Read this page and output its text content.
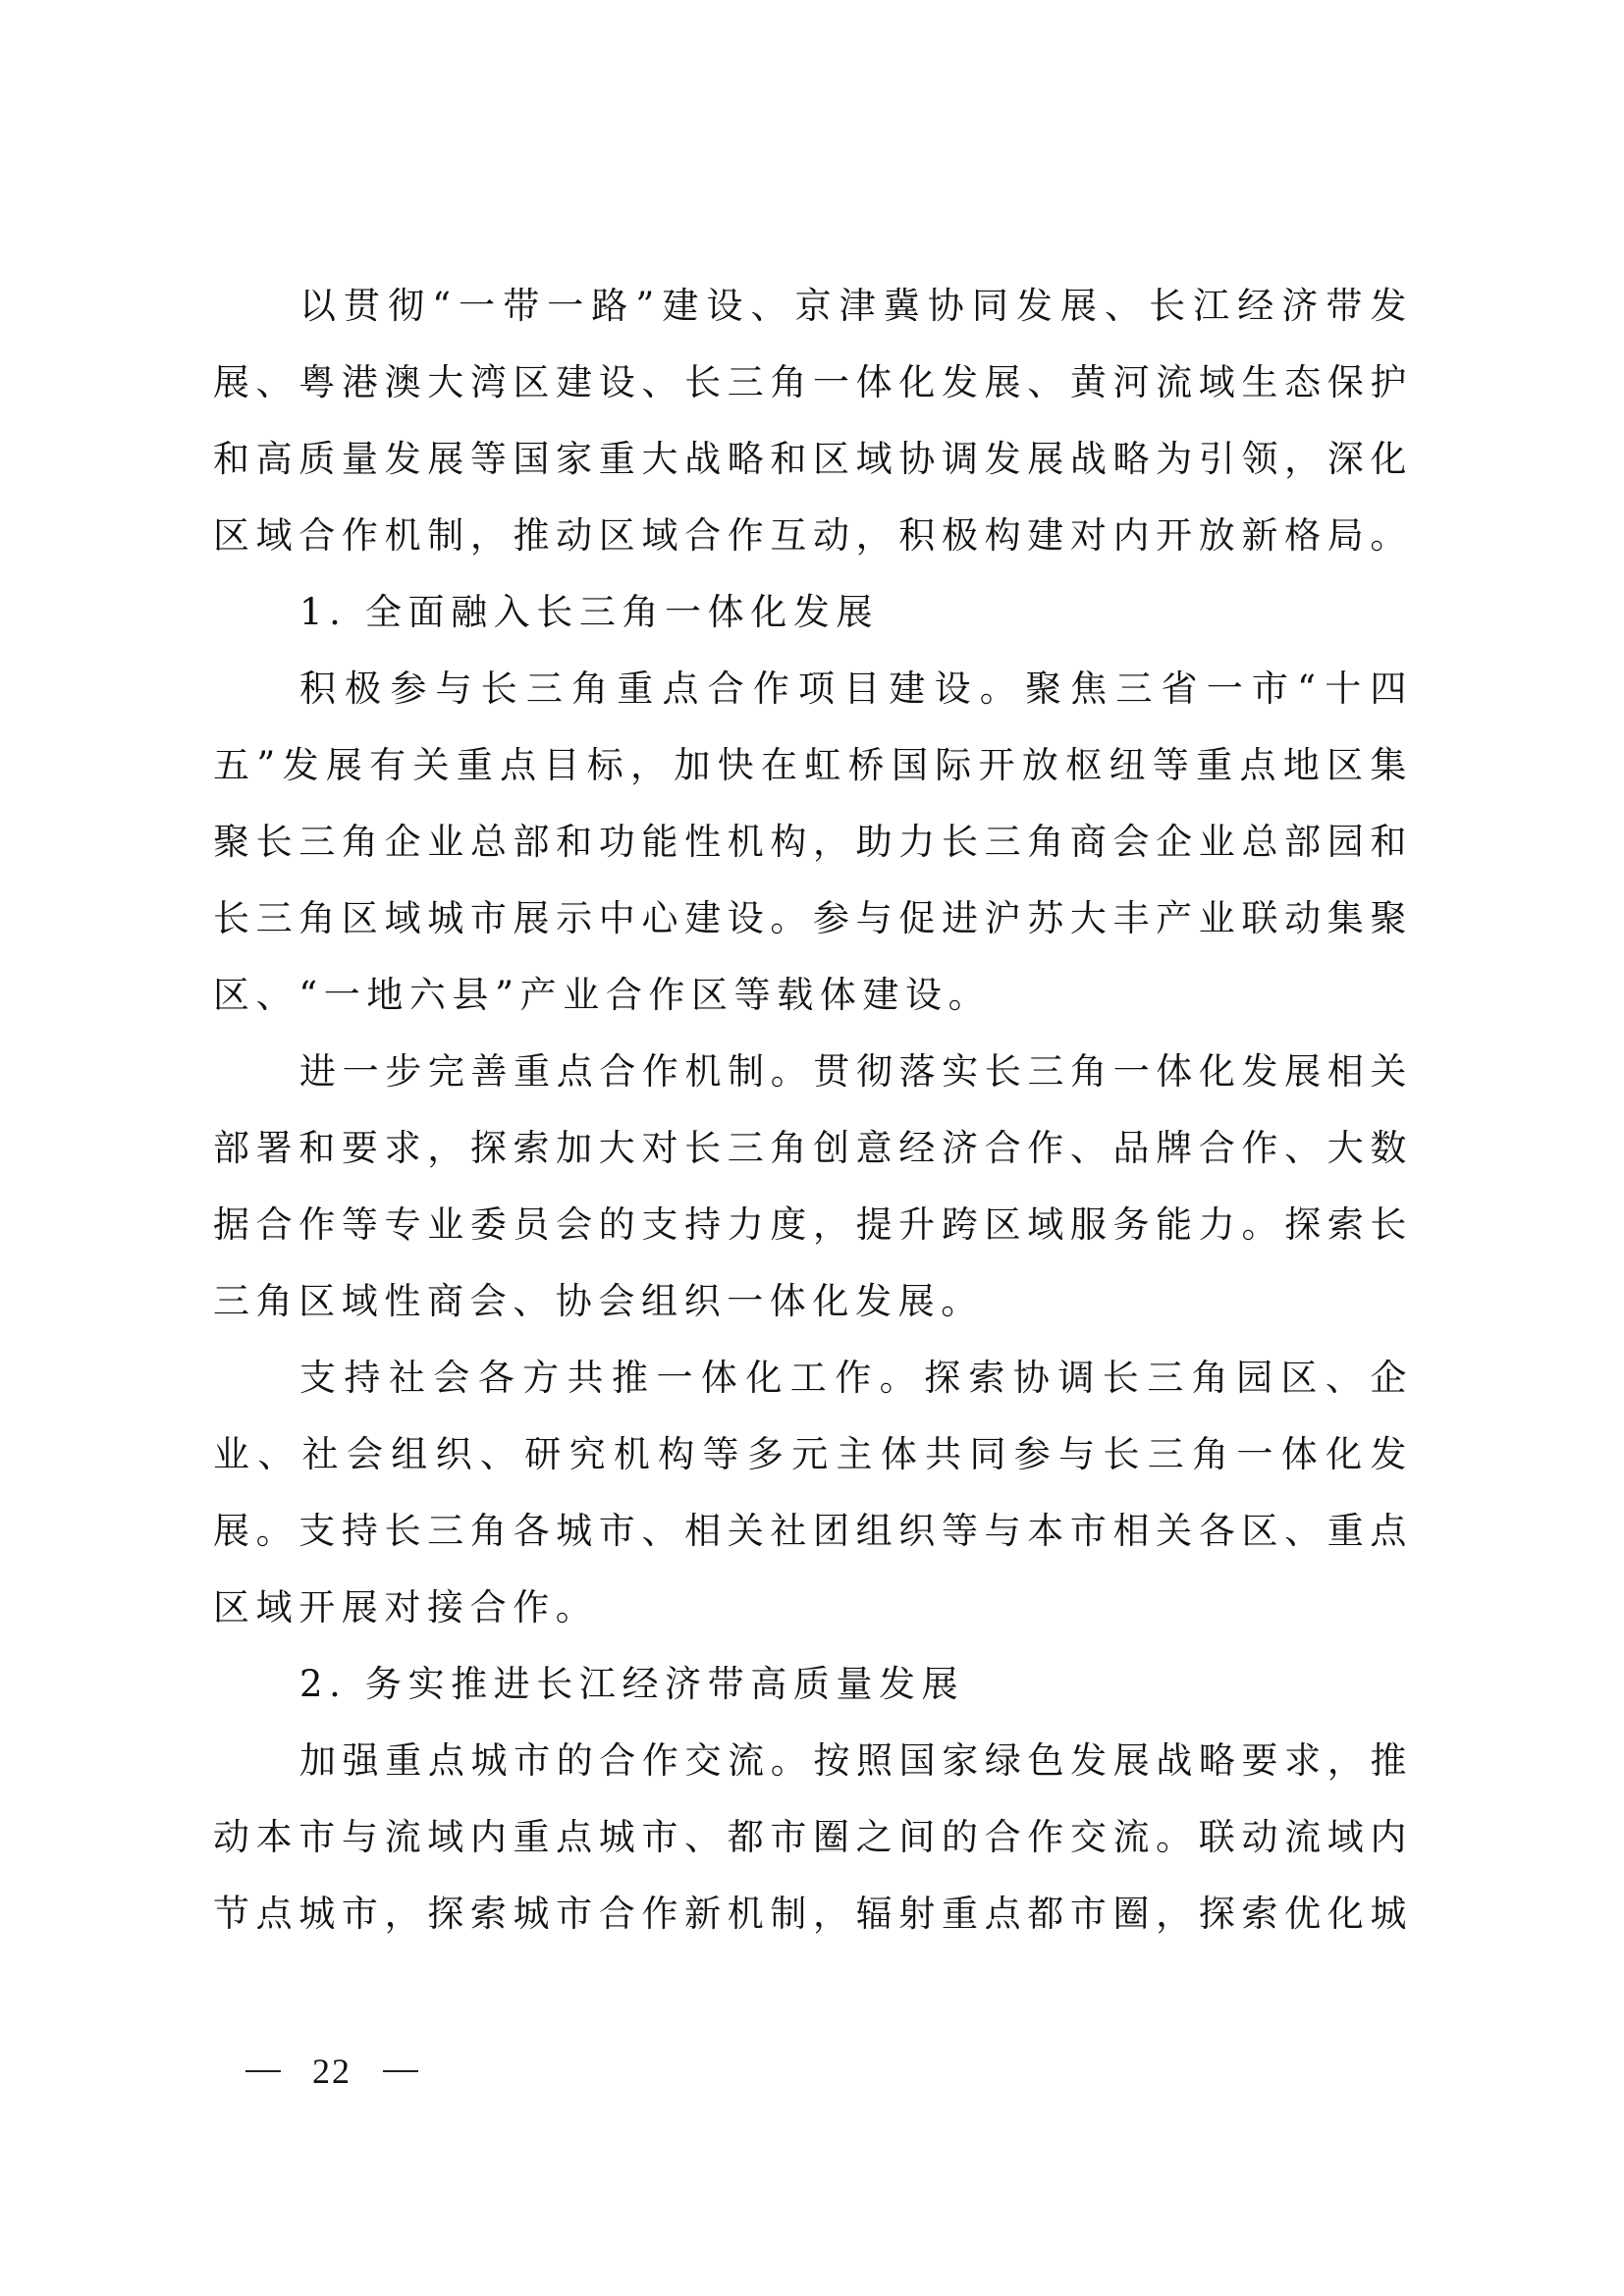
以贯彻“一带一路”建设、京津冀协同发展、长江经济带发
展、粤港澳大湾区建设、长三角一体化发展、黄河流域生态保护
和高质量发展等国家重大战略和区域协调发展战略为引领，深化
区域合作机制，推动区域合作互动，积极构建对内开放新格局。
1. 全面融入长三角一体化发展
积极参与长三角重点合作项目建设。聚焦三省一市“十四
五”发展有关重点目标，加快在虹桥国际开放枢纽等重点地区集
聚长三角企业总部和功能性机构，助力长三角商会企业总部园和
长三角区域城市展示中心建设。参与促进沪苏大丰产业联动集聚
区、“一地六县”产业合作区等载体建设。
进一步完善重点合作机制。贯彻落实长三角一体化发展相关
部署和要求，探索加大对长三角创意经济合作、品牌合作、大数
据合作等专业委员会的支持力度，提升跨区域服务能力。探索长
三角区域性商会、协会组织一体化发展。
支持社会各方共推一体化工作。探索协调长三角园区、企
业、社会组织、研究机构等多元主体共同参与长三角一体化发
展。支持长三角各城市、相关社团组织等与本市相关各区、重点
区域开展对接合作。
2. 务实推进长江经济带高质量发展
加强重点城市的合作交流。按照国家绿色发展战略要求，推
动本市与流域内重点城市、都市圈之间的合作交流。联动流域内
节点城市，探索城市合作新机制，辐射重点都市圈，探索优化城
22
